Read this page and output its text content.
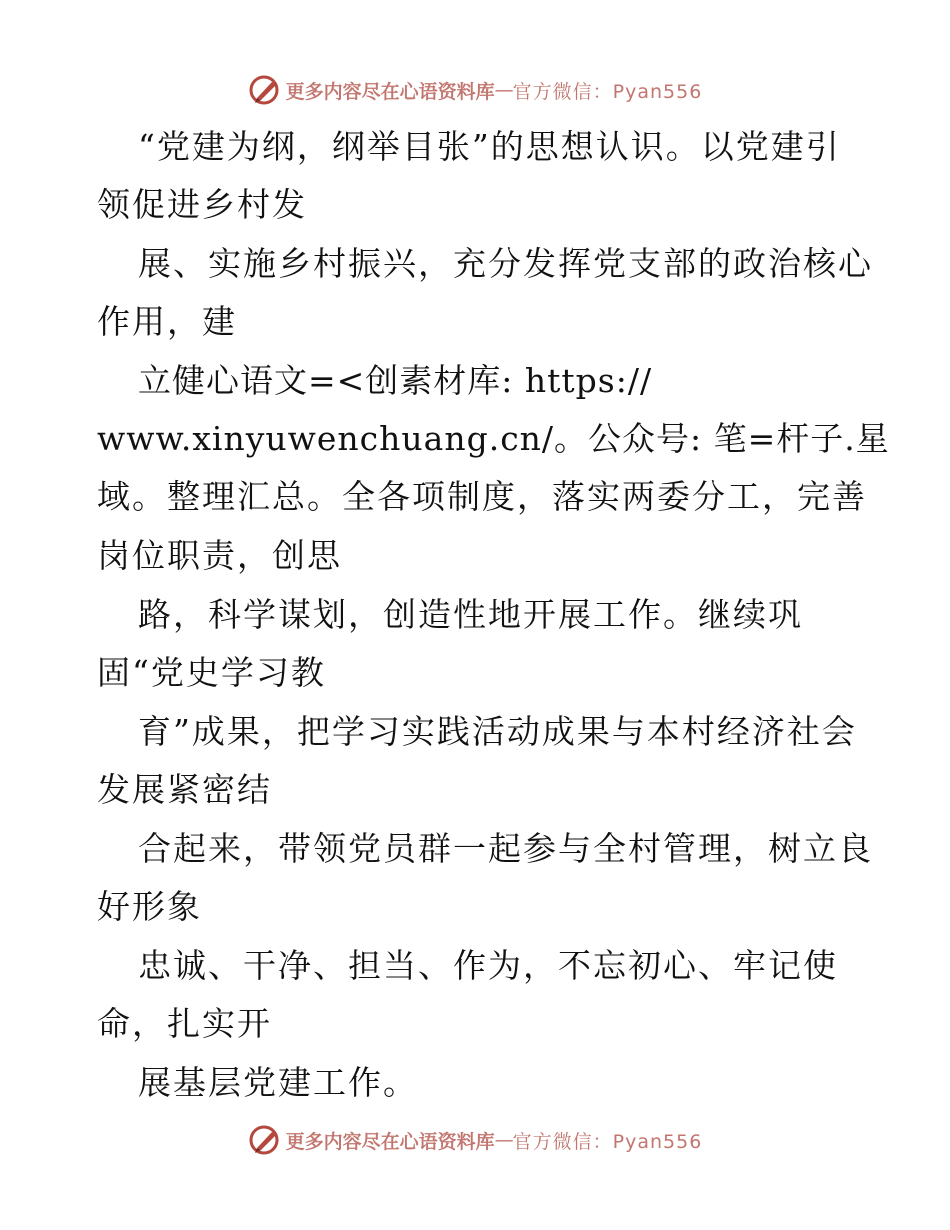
更多内容尽在心语资料库 — 官方微信：Pyan556
“党建为纲，纲举目张”的思想认识。以党建引
领促进乡村发
展、实施乡村振兴，充分发挥党支部的政治核心
作用，建
立健心语文=<创素材库: https://
www.xinyuwenchuang.cn/。公众号: 笔=杆子.星
域。整理汇总。全各项制度，落实两委分工，完善
岗位职责，创思
路，科学谋划，创造性地开展工作。继续巩
固“党史学习教
育”成果，把学习实践活动成果与本村经济社会
发展紧密结
合起来，带领党员群一起参与全村管理，树立良
好形象
忠诚、干净、担当、作为，不忘初心、牢记使
命，扎实开
展基层党建工作。
更多内容尽在心语资料库 — 官方微信：Pyan556
